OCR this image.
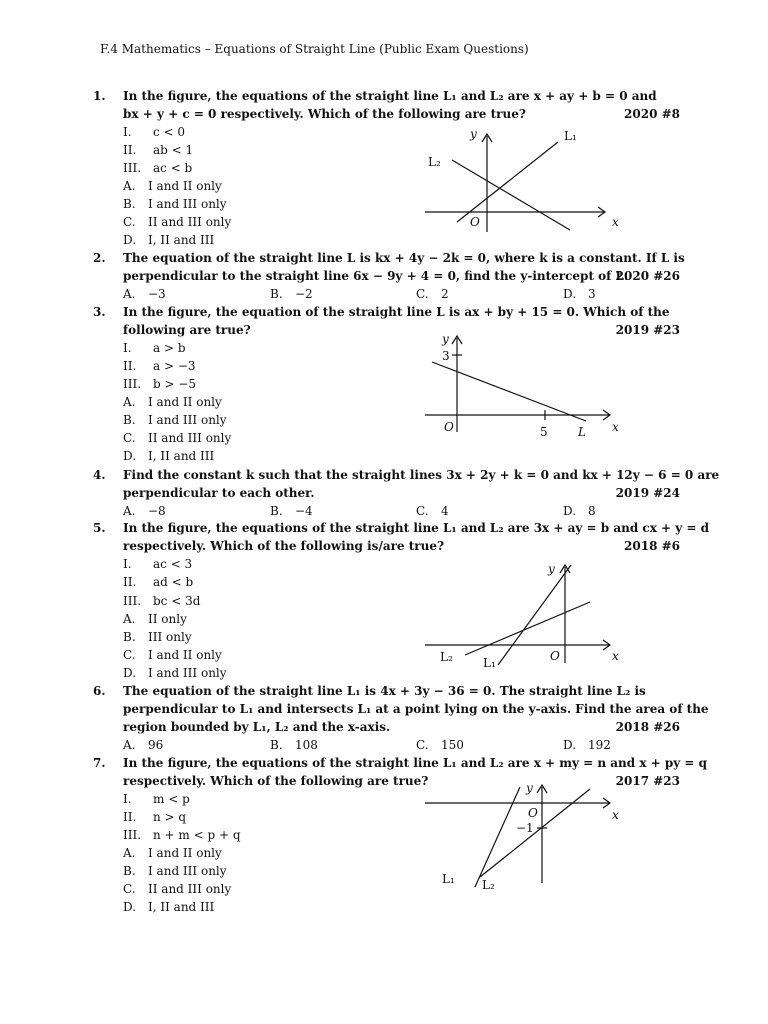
F.4 Mathematics – Equations of Straight Line (Public Exam Questions)
1. In the figure, the equations of the straight line L₁ and L₂ are x + ay + b = 0 and
bx + y + c = 0 respectively. Which of the following are true?	2020 #8
I. c < 0
II. ab < 1
III. ac < b
A. I and II only
B. I and III only
C. II and III only
D. I, II and III
y
x
O
L₁
L₂
2. The equation of the straight line L is kx + 4y − 2k = 0, where k is a constant. If L is
perpendicular to the straight line 6x − 9y + 4 = 0, find the y-intercept of L.
2020 #26
A. −3	B. −2	C. 2	D. 3
3. In the figure, the equation of the straight line L is ax + by + 15 = 0. Which of the
following are true?	2019 #23
I. a > b
II. a > −3
III. b > −5
A. I and II only
B. I and III only
C. II and III only
D. I, II and III
y
x
O
3
5	L
4. Find the constant k such that the straight lines 3x + 2y + k = 0 and kx + 12y − 6 = 0 are
perpendicular to each other.	2019 #24
A. −8	B. −4	C. 4	D. 8
5. In the figure, the equations of the straight line L₁ and L₂ are 3x + ay = b and cx + y = d
respectively. Which of the following is/are true?	2018 #6
I. ac < 3
II. ad < b
III. bc < 3d
A. II only
B. III only
C. I and II only
D. I and III only
y
x
O
L₁
L₂
6. The equation of the straight line L₁ is 4x + 3y − 36 = 0. The straight line L₂ is
perpendicular to L₁ and intersects L₁ at a point lying on the y-axis. Find the area of the
region bounded by L₁, L₂ and the x-axis.	2018 #26
A. 96	B. 108	C. 150	D. 192
7. In the figure, the equations of the straight line L₁ and L₂ are x + my = n and x + py = q
respectively. Which of the following are true?	2017 #23
I. m < p
II. n > q
III. n + m < p + q
A. I and II only
B. I and III only
C. II and III only
D. I, II and III
y
x
O
−1
L₁ L₂
